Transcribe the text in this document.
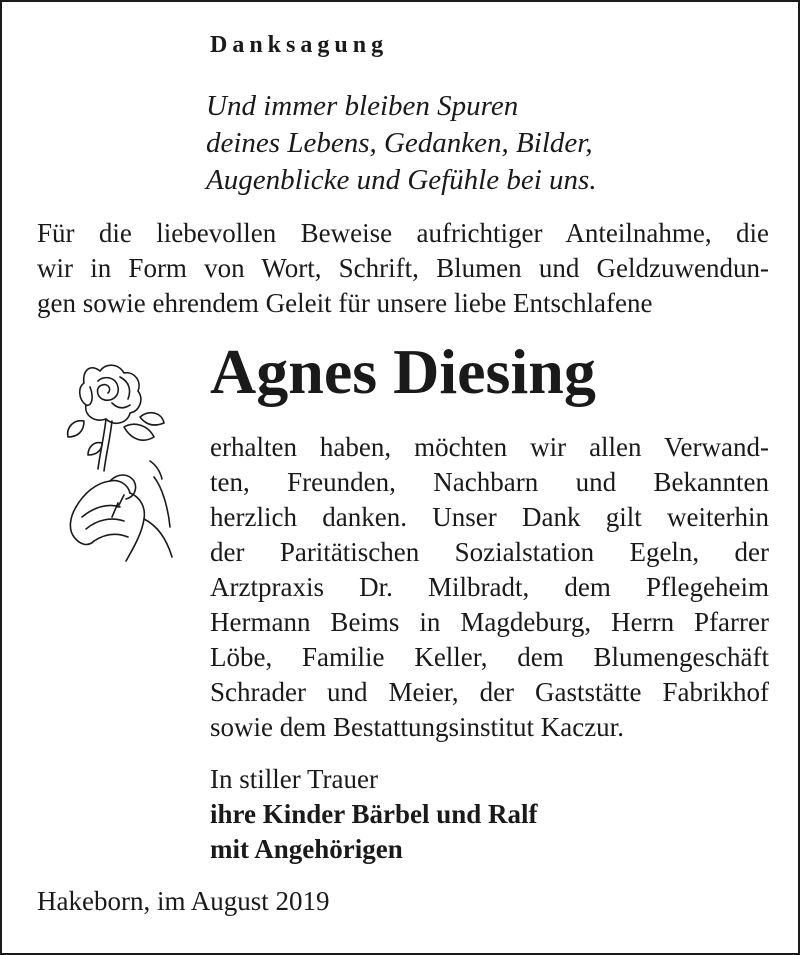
Danksagung
Und immer bleiben Spuren
deines Lebens, Gedanken, Bilder,
Augenblicke und Gefühle bei uns.

Für die liebevollen Beweise aufrichtiger Anteilnahme, die
wir in Form von Wort, Schrift, Blumen und Geldzuwendun-
gen sowie ehrendem Geleit für unsere liebe Entschlafene

Agnes Diesing

erhalten haben, möchten wir allen Verwand-
ten, Freunden, Nachbarn und Bekannten
herzlich danken. Unser Dank gilt weiterhin
der Paritätischen Sozialstation Egeln, der
Arztpraxis Dr. Milbradt, dem Pflegeheim
Hermann Beims in Magdeburg, Herrn Pfarrer
Löbe, Familie Keller, dem Blumengeschäft
Schrader und Meier, der Gaststätte Fabrikhof
sowie dem Bestattungsinstitut Kaczur.

In stiller Trauer
ihre Kinder Bärbel und Ralf
mit Angehörigen
Hakeborn, im August 2019
